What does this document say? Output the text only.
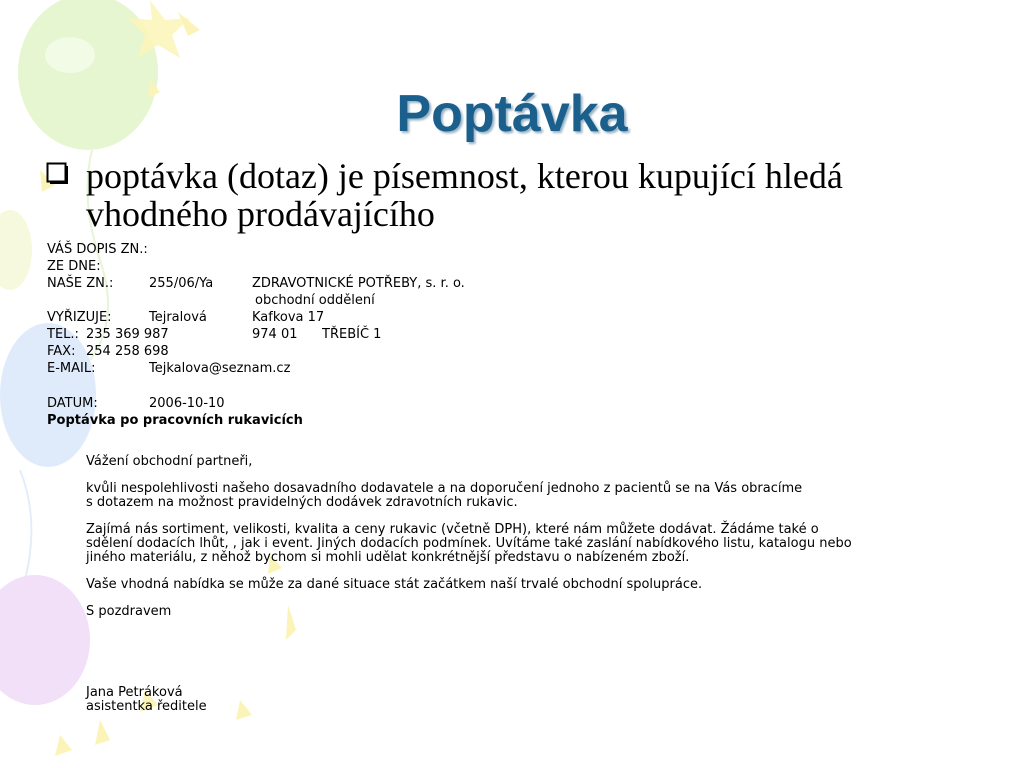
Poptávka
poptávka (dotaz) je písemnost, kterou kupující hledá
vhodného prodávajícího
VÁŠ DOPIS ZN.:
ZE DNE:
NAŠE ZN.:	255/06/Ya	ZDRAVOTNICKÉ POTŘEBY, s. r. o.
obchodní oddělení
VYŘIZUJE:	Tejralová	Kafkova 17
TEL.: 235 369 987	974 01 TŘEBÍČ 1
FAX: 254 258 698
E-MAIL:	Tejkalova@seznam.cz
DATUM:	2006-10-10
Poptávka po pracovních rukavicích
Vážení obchodní partneři,
kvůli nespolehlivosti našeho dosavadního dodavatele a na doporučení jednoho z pacientů se na Vás obracíme
s dotazem na možnost pravidelných dodávek zdravotních rukavic.
Zajímá nás sortiment, velikosti, kvalita a ceny rukavic (včetně DPH), které nám můžete dodávat. Žádáme také o
sdělení dodacích lhůt, , jak i event. Jiných dodacích podmínek. Uvítáme také zaslání nabídkového listu, katalogu nebo
jiného materiálu, z něhož bychom si mohli udělat konkrétnější představu o nabízeném zboží.
Vaše vhodná nabídka se může za dané situace stát začátkem naší trvalé obchodní spolupráce.
S pozdravem
Jana Petráková
asistentka ředitele
